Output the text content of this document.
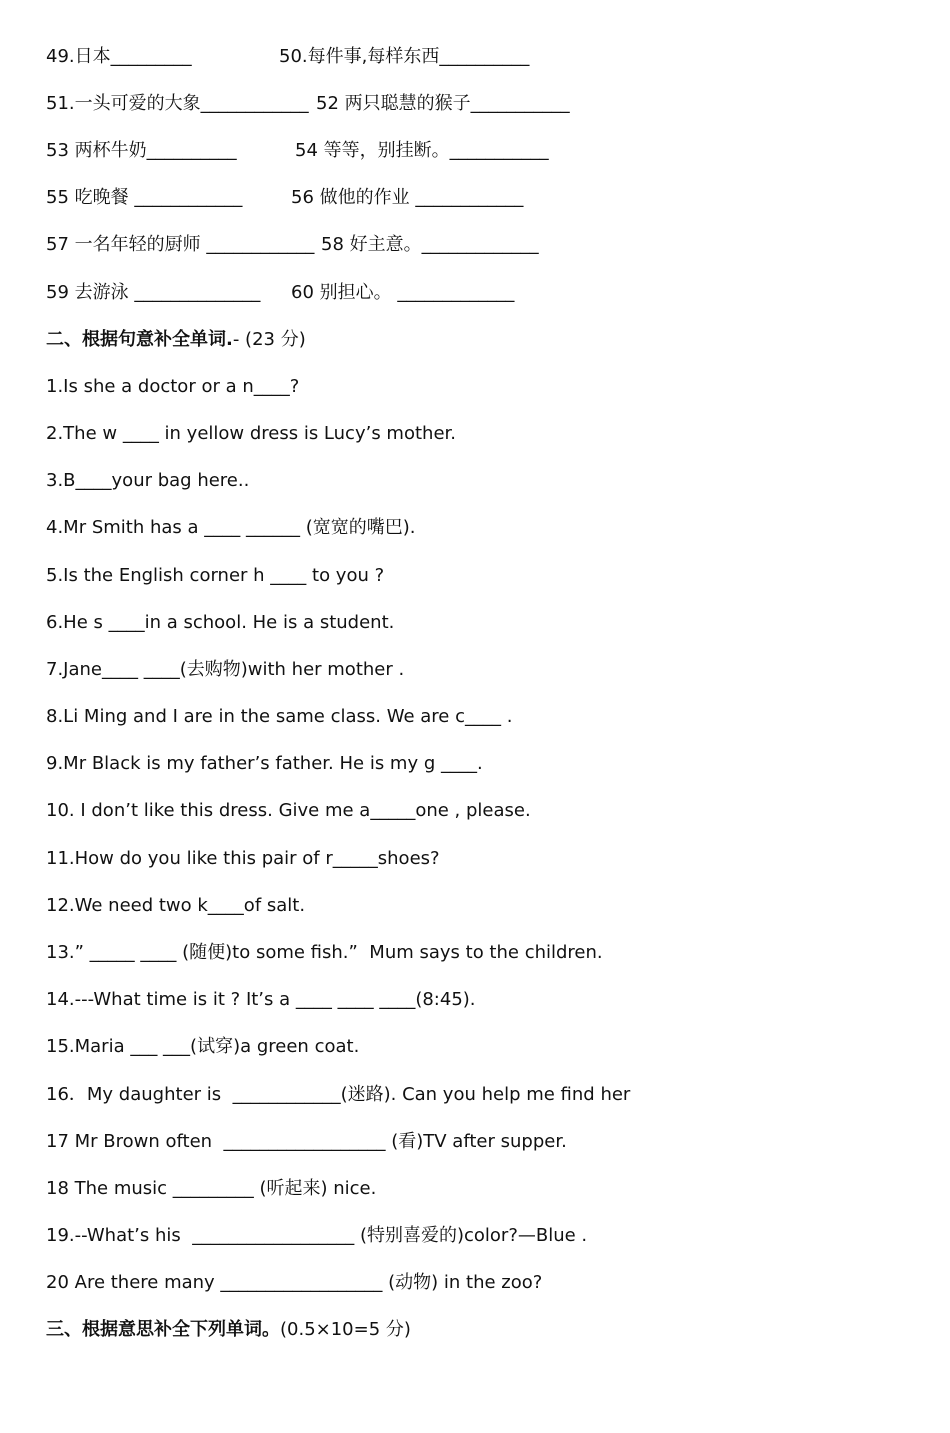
49.日本_________	50.每件事,每样东西__________
51.一头可爱的大象____________ 52 两只聪慧的猴子___________
53 两杯牛奶__________	54 等等，别挂断。___________
55 吃晚餐 ____________	56 做他的作业 ____________
57 一名年轻的厨师 ____________ 58 好主意。_____________
59 去游泳 ______________ 60 别担心。 _____________
二、根据句意补全单词.- (23 分)
1.Is she a doctor or a n____?
2.The w ____ in yellow dress is Lucy’s mother.
3.B____your bag here..
4.Mr Smith has a ____ ______ (宽宽的嘴巴).
5.Is the English corner h ____ to you ?
6.He s ____in a school. He is a student.
7.Jane____ ____(去购物)with her mother .
8.Li Ming and I are in the same class. We are c____ .
9.Mr Black is my father’s father. He is my g ____.
10. I don’t like this dress. Give me a_____one , please.
11.How do you like this pair of r_____shoes?
12.We need two k____of salt.
13.” _____ ____ (随便)to some fish.”  Mum says to the children.
14.---What time is it ? It’s a ____ ____ ____(8:45).
15.Maria ___ ___(试穿)a green coat.
16．My daughter is  ____________(迷路). Can you help me find her
17 Mr Brown often  __________________ (看)TV after supper.
18 The music _________ (听起来) nice.
19.--What’s his  __________________ (特别喜爱的)color?—Blue .
20 Are there many __________________ (动物) in the zoo?
三、根据意思补全下列单词。(0.5×10=5 分)
